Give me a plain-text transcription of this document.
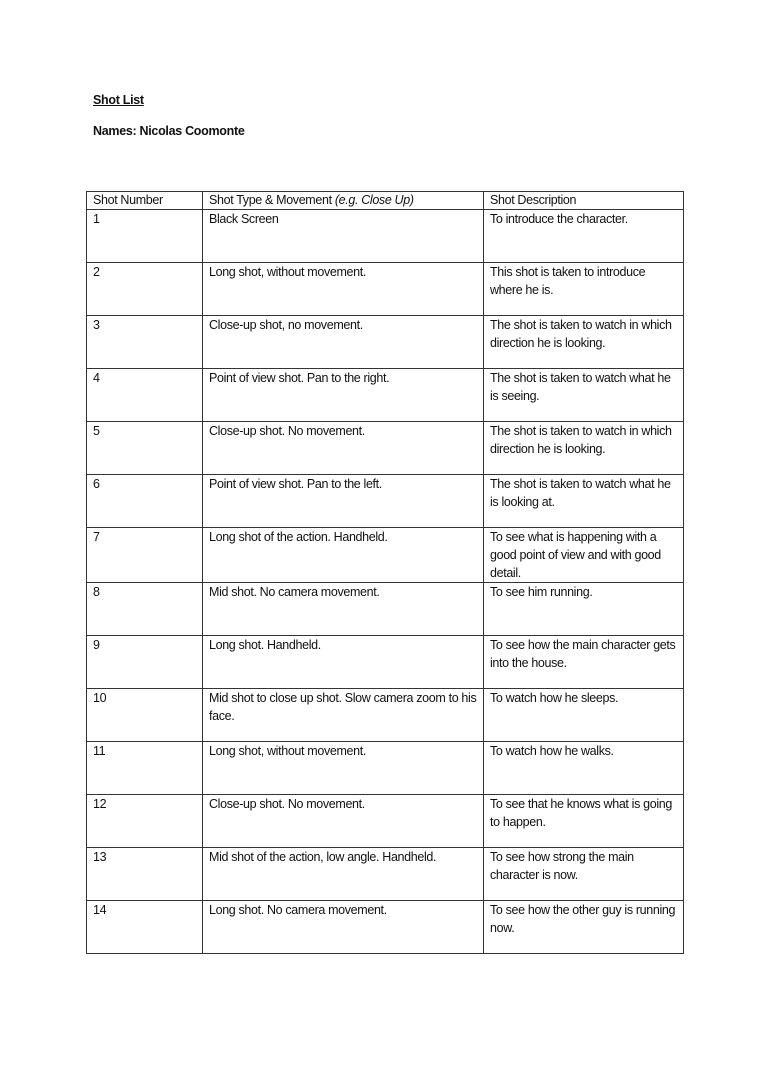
Shot List
Names: Nicolas Coomonte
Shot Number	Shot Type & Movement (e.g. Close Up)	Shot Description
1	Black Screen	To introduce the character.
2	Long shot, without movement.	This shot is taken to introduce where he is.
3	Close-up shot, no movement.	The shot is taken to watch in which direction he is looking.
4	Point of view shot. Pan to the right.	The shot is taken to watch what he is seeing.
5	Close-up shot. No movement.	The shot is taken to watch in which direction he is looking.
6	Point of view shot. Pan to the left.	The shot is taken to watch what he is looking at.
7	Long shot of the action. Handheld.	To see what is happening with a good point of view and with good detail.
8	Mid shot. No camera movement.	To see him running.
9	Long shot. Handheld.	To see how the main character gets into the house.
10	Mid shot to close up shot. Slow camera zoom to his face.	To watch how he sleeps.
11	Long shot, without movement.	To watch how he walks.
12	Close-up shot. No movement.	To see that he knows what is going to happen.
13	Mid shot of the action, low angle. Handheld.	To see how strong the main character is now.
14	Long shot. No camera movement.	To see how the other guy is running now.
